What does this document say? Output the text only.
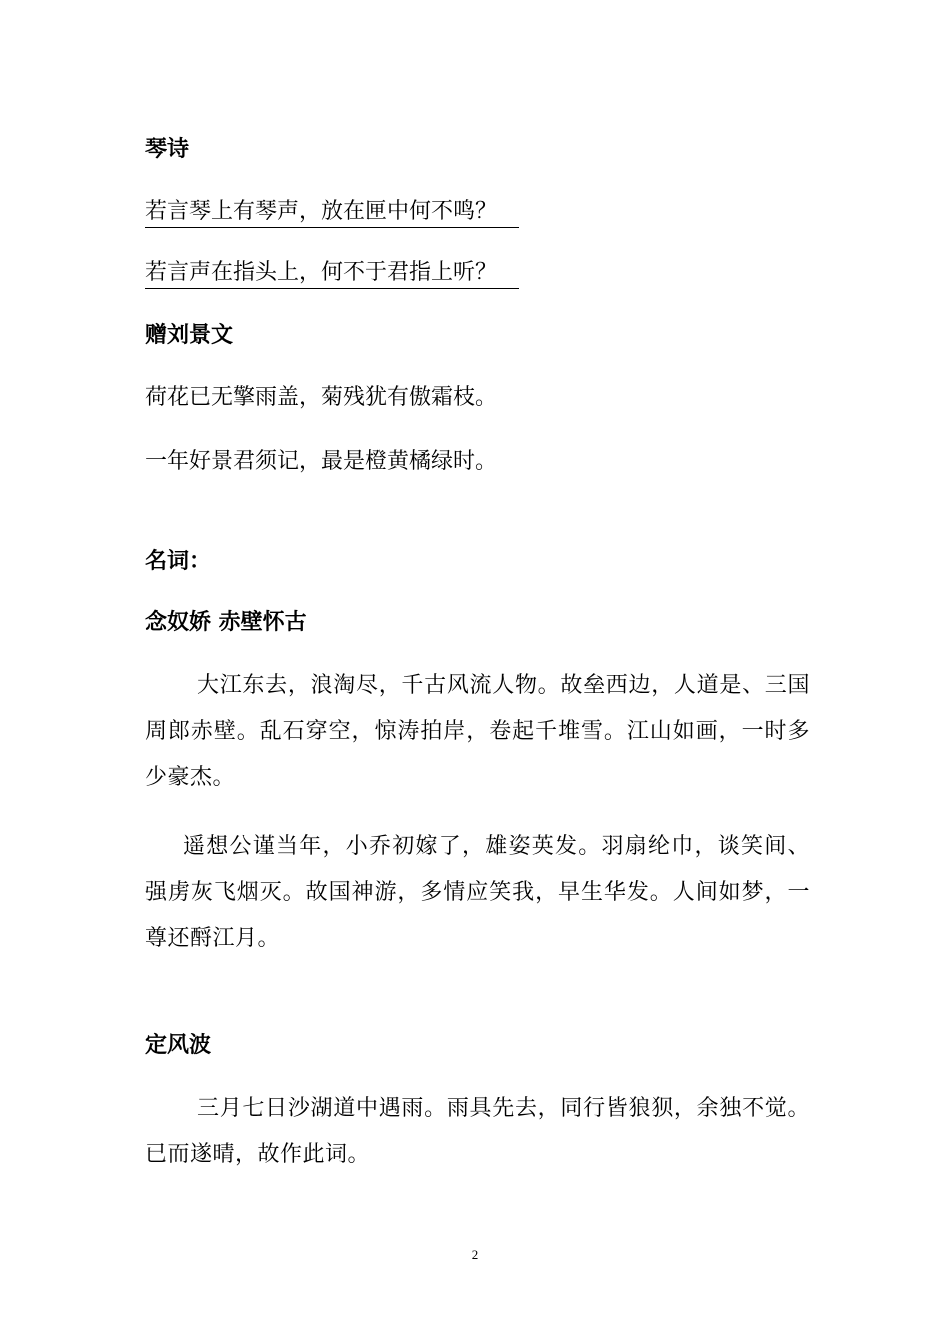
琴诗
若言琴上有琴声，放在匣中何不鸣？
若言声在指头上，何不于君指上听？
赠刘景文
荷花已无擎雨盖，菊残犹有傲霜枝。
一年好景君须记，最是橙黄橘绿时。
名词：
念奴娇 赤壁怀古
大江东去，浪淘尽，千古风流人物。故垒西边，人道是、三国周郎赤壁。乱石穿空，惊涛拍岸，卷起千堆雪。江山如画，一时多少豪杰。
遥想公谨当年，小乔初嫁了，雄姿英发。羽扇纶巾，谈笑间、强虏灰飞烟灭。故国神游，多情应笑我，早生华发。人间如梦，一尊还酹江月。
定风波
三月七日沙湖道中遇雨。雨具先去，同行皆狼狈，余独不觉。已而遂晴，故作此词。
2
